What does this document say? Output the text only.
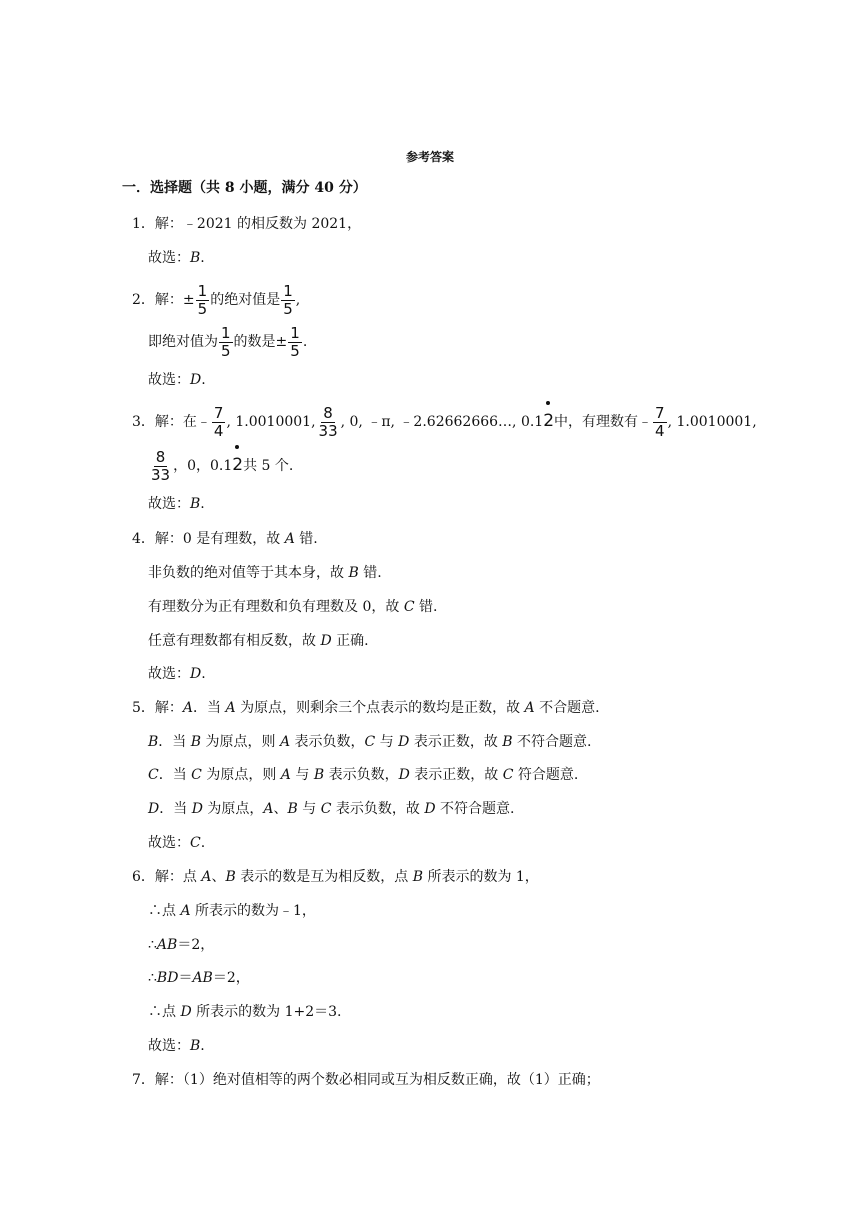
参考答案
一．选择题（共 8 小题，满分 40 分）
1．解：﹣2021 的相反数为 2021，
故选：B.
2．解：± $\frac{1}{5}$ 的绝对值是 $\frac{1}{5}$ ,
即绝对值为 $\frac{1}{5}$ 的数是± $\frac{1}{5}$ .
故选：D.
3．解：在﹣ $\frac{7}{4}$ , 1.0010001, $\frac{8}{33}$ , 0, ﹣π, ﹣2.62662666…, 0.12中，有理数有﹣ $\frac{7}{4}$ , 1.0010001,
$\frac{8}{33}$ ，0，0.12共 5 个.
故选：B.
4．解：0 是有理数，故 A 错.
非负数的绝对值等于其本身，故 B 错.
有理数分为正有理数和负有理数及 0，故 C 错.
任意有理数都有相反数，故 D 正确.
故选：D.
5．解：A．当 A 为原点，则剩余三个点表示的数均是正数，故 A 不合题意.
B．当 B 为原点，则 A 表示负数，C 与 D 表示正数，故 B 不符合题意.
C．当 C 为原点，则 A 与 B 表示负数，D 表示正数，故 C 符合题意.
D．当 D 为原点，A、B 与 C 表示负数，故 D 不符合题意.
故选：C.
6．解：点 A、B 表示的数是互为相反数，点 B 所表示的数为 1，
∴点 A 所表示的数为﹣1，
∴AB＝2，
∴BD＝AB＝2，
∴点 D 所表示的数为 1+2＝3.
故选：B.
7．解：（1）绝对值相等的两个数必相同或互为相反数正确，故（1）正确；
